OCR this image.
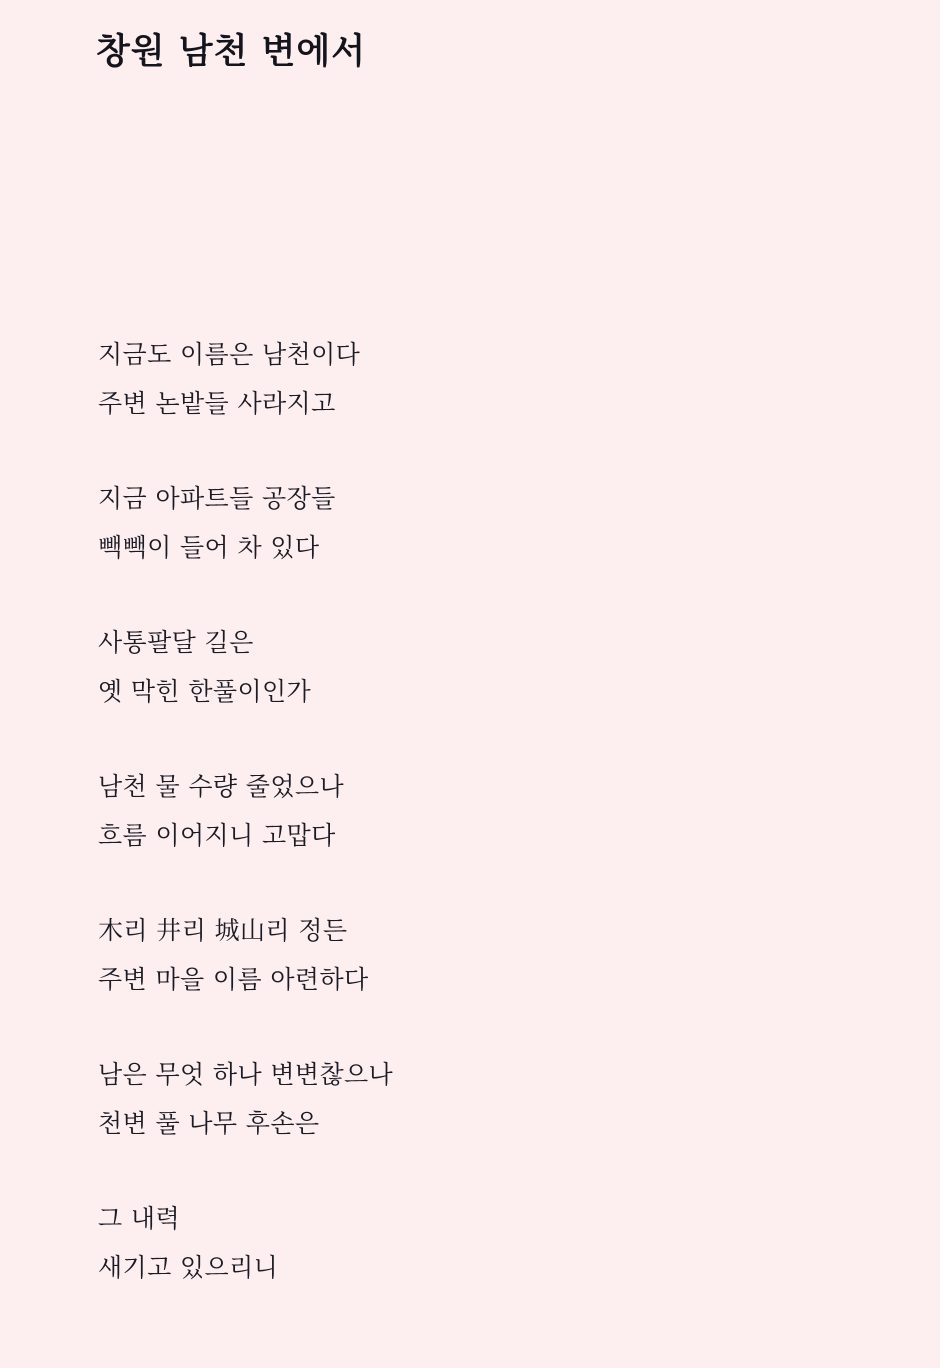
창원 남천 변에서
지금도 이름은 남천이다
주변 논밭들 사라지고
지금 아파트들 공장들
빽빽이 들어 차 있다
사통팔달 길은
옛 막힌 한풀이인가
남천 물 수량 줄었으나
흐름 이어지니 고맙다
木리 井리 城山리 정든
주변 마을 이름 아련하다
남은 무엇 하나 변변찮으나
천변 풀 나무 후손은
그 내력
새기고 있으리니
